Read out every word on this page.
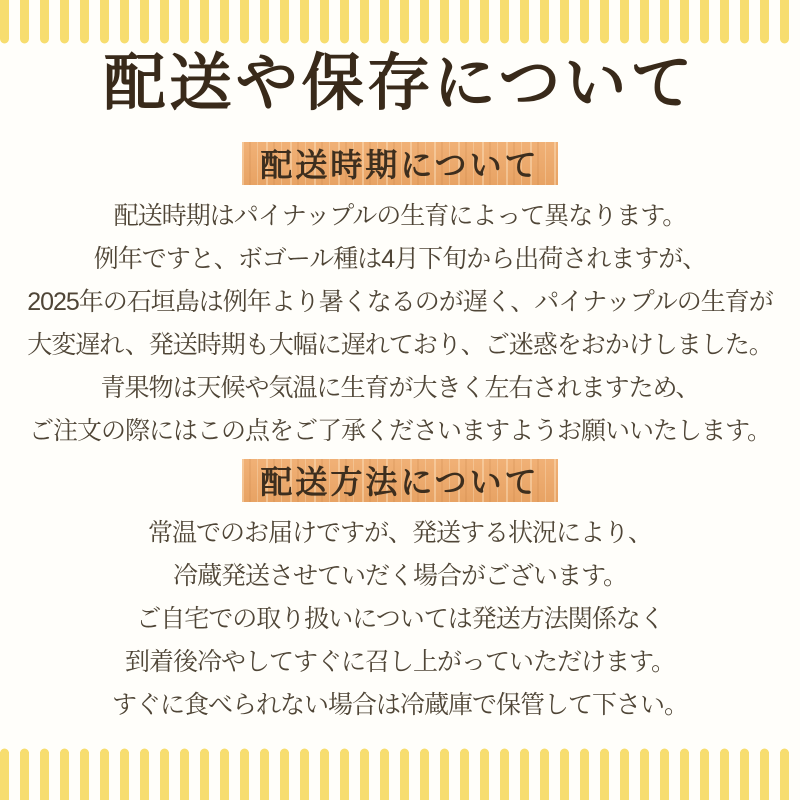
配送や保存について
配送時期について

配送時期はパイナップルの生育によって異なります。

例年ですと、ボゴール種は4月下旬から出荷されますが、

2025年の石垣島は例年より暑くなるのが遅く、パイナップルの生育が

大変遅れ、発送時期も大幅に遅れており、ご迷惑をおかけしました。

青果物は天候や気温に生育が大きく左右されますため、

ご注文の際にはこの点をご了承くださいますようお願いいたします。

配送方法について

常温でのお届けですが、発送する状況により、

冷蔵発送させていだく場合がございます。

ご自宅での取り扱いについては発送方法関係なく

到着後冷やしてすぐに召し上がっていただけます。

すぐに食べられない場合は冷蔵庫で保管して下さい。
